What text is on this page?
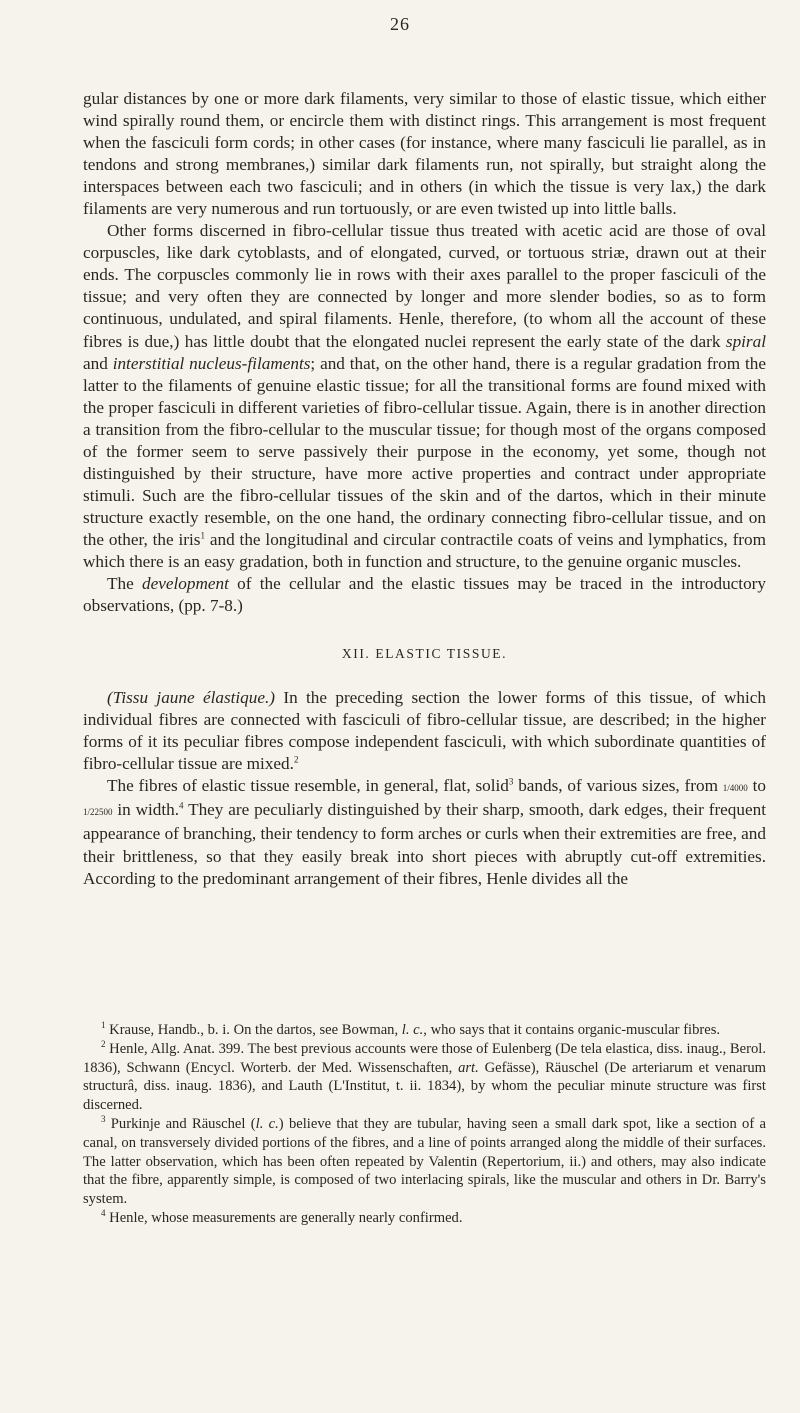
26

gular distances by one or more dark filaments, very similar to those of elastic tissue, which either wind spirally round them, or encircle them with distinct rings. This arrangement is most frequent when the fasciculi form cords; in other cases (for instance, where many fasciculi lie parallel, as in tendons and strong membranes,) similar dark filaments run, not spirally, but straight along the interspaces between each two fasciculi; and in others (in which the tissue is very lax,) the dark filaments are very numerous and run tortuously, or are even twisted up into little balls.

Other forms discerned in fibro-cellular tissue thus treated with acetic acid are those of oval corpuscles, like dark cytoblasts, and of elongated, curved, or tortuous striæ, drawn out at their ends. The corpuscles commonly lie in rows with their axes parallel to the proper fasciculi of the tissue; and very often they are connected by longer and more slender bodies, so as to form continuous, undulated, and spiral filaments. Henle, therefore, (to whom all the account of these fibres is due,) has little doubt that the elongated nuclei represent the early state of the dark spiral and interstitial nucleus-filaments; and that, on the other hand, there is a regular gradation from the latter to the filaments of genuine elastic tissue; for all the transitional forms are found mixed with the proper fasciculi in different varieties of fibro-cellular tissue. Again, there is in another direction a transition from the fibro-cellular to the muscular tissue; for though most of the organs composed of the former seem to serve passively their purpose in the economy, yet some, though not distinguished by their structure, have more active properties and contract under appropriate stimuli. Such are the fibro-cellular tissues of the skin and of the dartos, which in their minute structure exactly resemble, on the one hand, the ordinary connecting fibro-cellular tissue, and on the other, the iris$^1$ and the longitudinal and circular contractile coats of veins and lymphatics, from which there is an easy gradation, both in function and structure, to the genuine organic muscles.

The development of the cellular and the elastic tissues may be traced in the introductory observations, (pp. 7-8.)

XII. ELASTIC TISSUE.

(Tissu jaune élastique.) In the preceding section the lower forms of this tissue, of which individual fibres are connected with fasciculi of fibro-cellular tissue, are described; in the higher forms of it its peculiar fibres compose independent fasciculi, with which subordinate quantities of fibro-cellular tissue are mixed.$^2$

The fibres of elastic tissue resemble, in general, flat, solid$^3$ bands, of various sizes, from 1/4000 to 1/22500 in width.$^4$ They are peculiarly distinguished by their sharp, smooth, dark edges, their frequent appearance of branching, their tendency to form arches or curls when their extremities are free, and their brittleness, so that they easily break into short pieces with abruptly cut-off extremities. According to the predominant arrangement of their fibres, Henle divides all the

$^1$ Krause, Handb., b. i. On the dartos, see Bowman, l. c., who says that it contains organic-muscular fibres.

$^2$ Henle, Allg. Anat. 399. The best previous accounts were those of Eulenberg (De tela elastica, diss. inaug., Berol. 1836), Schwann (Encycl. Worterb. der Med. Wissenschaften, art. Gefässe), Räuschel (De arteriarum et venarum structurâ, diss. inaug. 1836), and Lauth (L'Institut, t. ii. 1834), by whom the peculiar minute structure was first discerned.

$^3$ Purkinje and Räuschel (l. c.) believe that they are tubular, having seen a small dark spot, like a section of a canal, on transversely divided portions of the fibres, and a line of points arranged along the middle of their surfaces. The latter observation, which has been often repeated by Valentin (Repertorium, ii.) and others, may also indicate that the fibre, apparently simple, is composed of two interlacing spirals, like the muscular and others in Dr. Barry's system.

$^4$ Henle, whose measurements are generally nearly confirmed.
